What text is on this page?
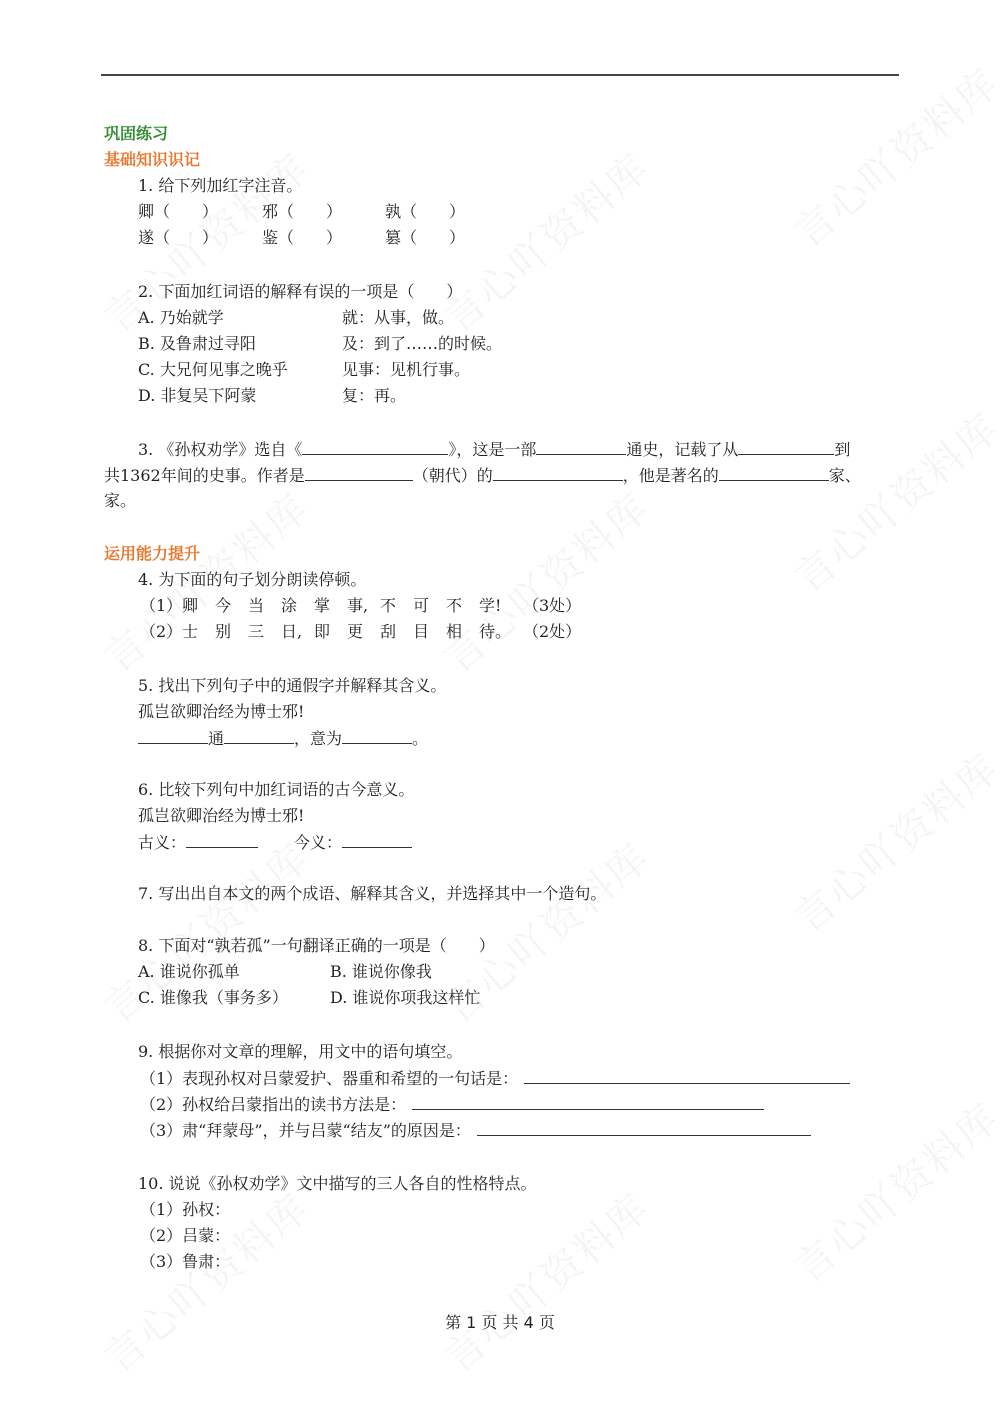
巩固练习
基础知识识记
1. 给下列加红字注音。
卿（　　）	邪（　　）	孰（　　）
遂（　　）	鉴（　　）	篡（　　）
2. 下面加红词语的解释有误的一项是（　　）
A. 乃始就学	就：从事，做。
B. 及鲁肃过寻阳	及：到了……的时候。
C. 大兄何见事之晚乎	见事：见机行事。
D. 非复吴下阿蒙	复：再。
3. 《孙权劝学》选自《	》，这是一部	通史，记载了从	到
共1362年间的史事。作者是	（朝代）的	，他是著名的	家、
家。
运用能力提升
4. 为下面的句子划分朗读停顿。
（1）卿 今 当 涂 掌 事, 不 可 不 学! （3处）
（2）士 别 三 日, 即 更 刮 目 相 待。 （2处）
5. 找出下列句子中的通假字并解释其含义。
孤岂欲卿治经为博士邪!
通	，意为	。
6. 比较下列句中加红词语的古今意义。
孤岂欲卿治经为博士邪!
古义：	今义：
7. 写出出自本文的两个成语、解释其含义，并选择其中一个造句。
8. 下面对“孰若孤”一句翻译正确的一项是（　　）
A. 谁说你孤单	B. 谁说你像我
C. 谁像我（事务多）	D. 谁说你项我这样忙
9. 根据你对文章的理解，用文中的语句填空。
（1）表现孙权对吕蒙爱护、器重和希望的一句话是：
（2）孙权给吕蒙指出的读书方法是：
（3）肃“拜蒙母”，并与吕蒙“结友”的原因是：
10. 说说《孙权劝学》文中描写的三人各自的性格特点。
（1）孙权：
（2）吕蒙：
（3）鲁肃：
第 1 页 共 4 页
